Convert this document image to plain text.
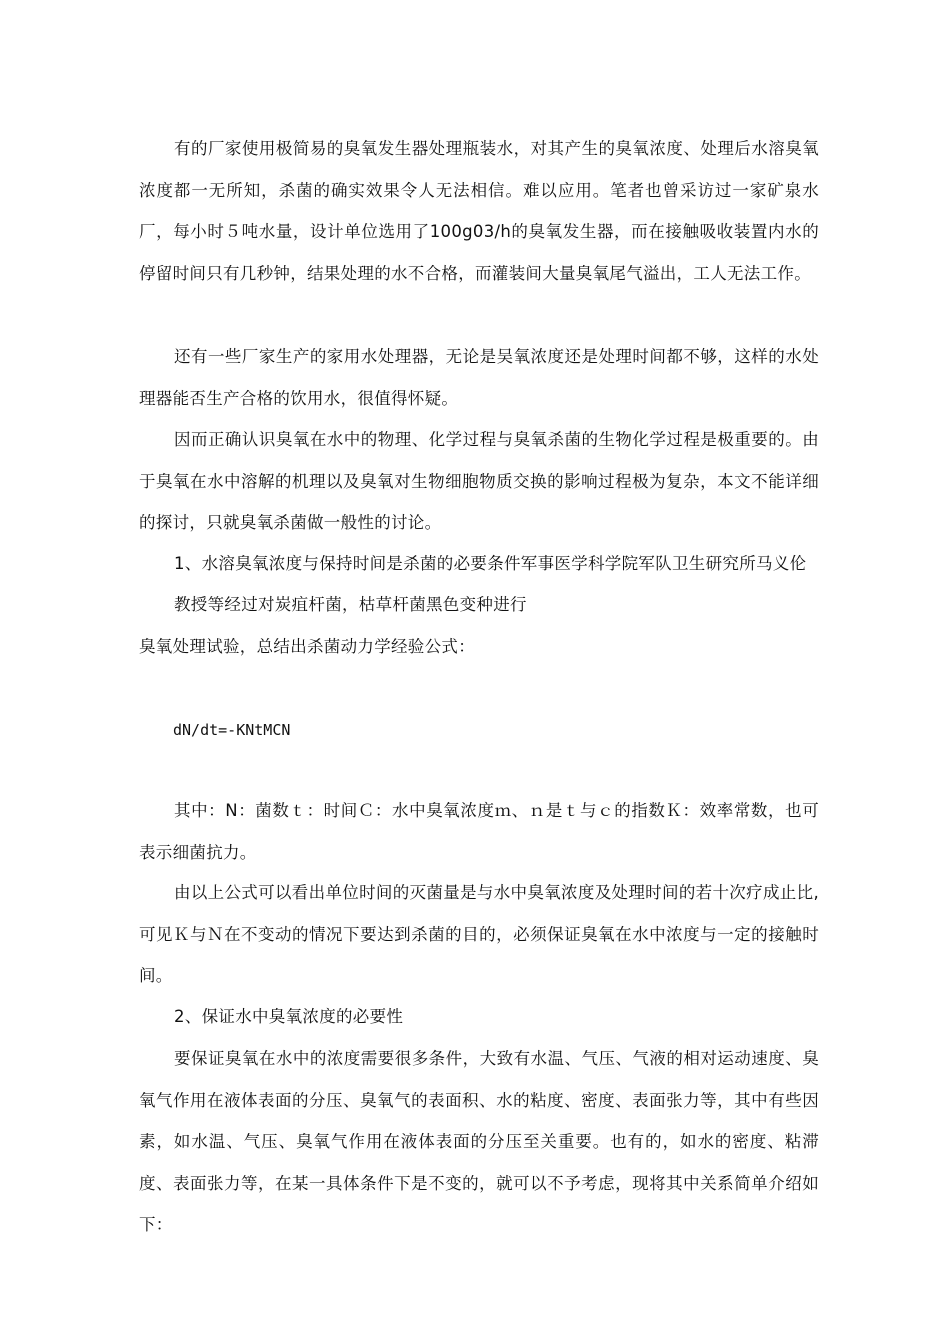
有的厂家使用极简易的臭氧发生器处理瓶装水，对其产生的臭氧浓度、处理后水溶臭氧浓度都一无所知，杀菌的确实效果令人无法相信。难以应用。笔者也曾采访过一家矿泉水厂，每小时５吨水量，设计单位选用了100g03/h的臭氧发生器，而在接触吸收装置内水的停留时间只有几秒钟，结果处理的水不合格，而灌装间大量臭氧尾气溢出，工人无法工作。

还有一些厂家生产的家用水处理器，无论是吴氧浓度还是处理时间都不够，这样的水处理器能否生产合格的饮用水，很值得怀疑。

因而正确认识臭氧在水中的物理、化学过程与臭氧杀菌的生物化学过程是极重要的。由于臭氧在水中溶解的机理以及臭氧对生物细胞物质交换的影响过程极为复杂，本文不能详细的探讨，只就臭氧杀菌做一般性的讨论。

1、水溶臭氧浓度与保持时间是杀菌的必要条件军事医学科学院军队卫生研究所马义伦

教授等经过对炭疽杆菌，枯草杆菌黑色变种进行

臭氧处理试验，总结出杀菌动力学经验公式：

dN/dt=-KNtMCN

其中：N：菌数ｔ：时间Ｃ：水中臭氧浓度ｍ、ｎ是ｔ与ｃ的指数Ｋ：效率常数，也可表示细菌抗力。

由以上公式可以看出单位时间的灭菌量是与水中臭氧浓度及处理时间的若十次疗成止比,可见Ｋ与Ｎ在不变动的情况下要达到杀菌的目的，必须保证臭氧在水中浓度与一定的接触时间。

2、保证水中臭氧浓度的必要性

要保证臭氧在水中的浓度需要很多条件，大致有水温、气压、气液的相对运动速度、臭氧气作用在液体表面的分压、臭氧气的表面积、水的粘度、密度、表面张力等，其中有些因素，如水温、气压、臭氧气作用在液体表面的分压至关重要。也有的，如水的密度、粘滞度、表面张力等，在某一具体条件下是不变的，就可以不予考虑，现将其中关系简单介绍如下：
